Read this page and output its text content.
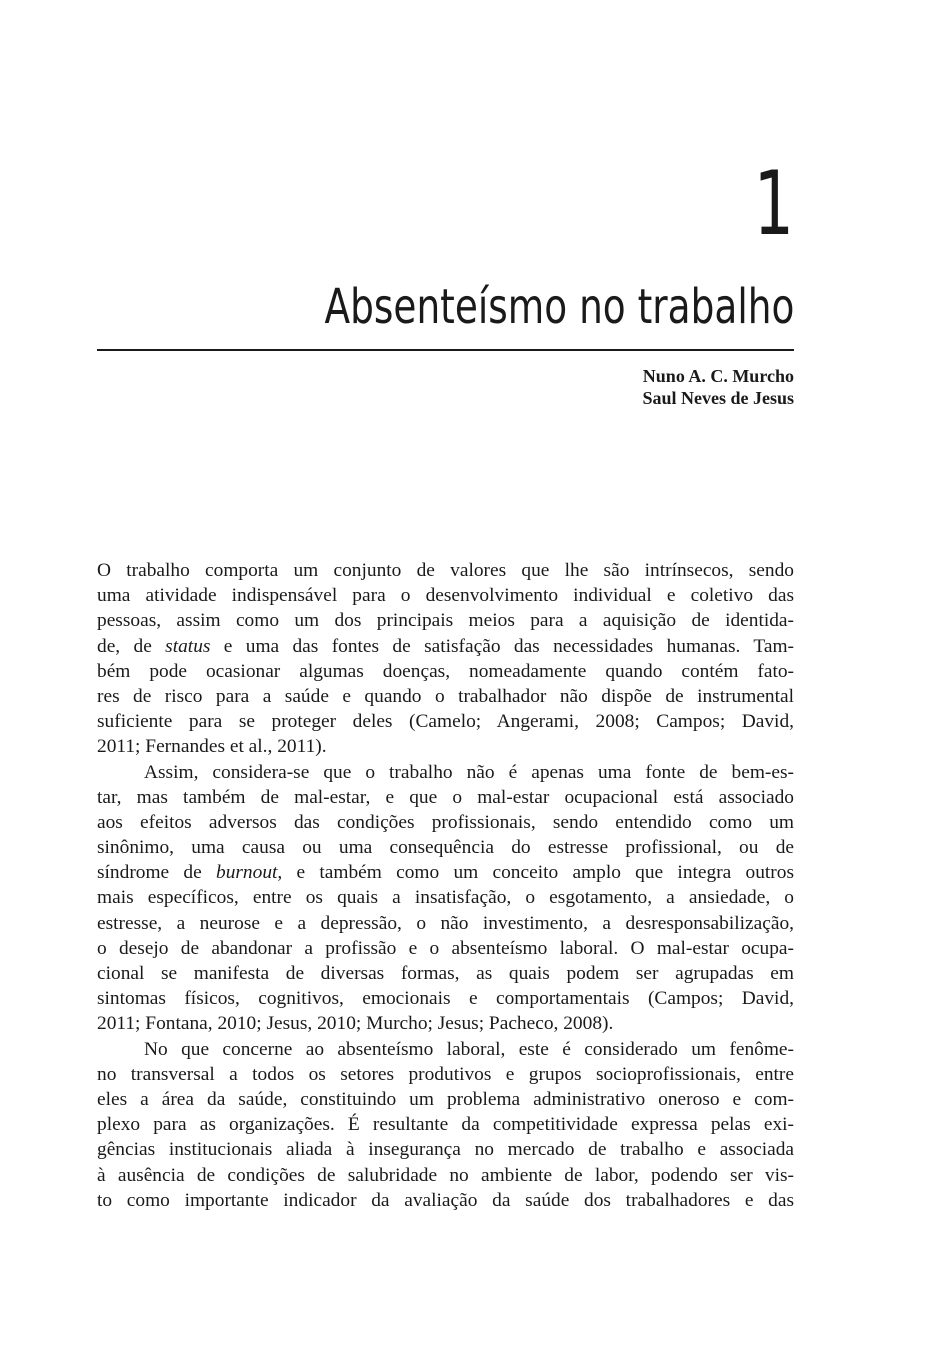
1
Absenteísmo no trabalho
Nuno A. C. Murcho
Saul Neves de Jesus
O trabalho comporta um conjunto de valores que lhe são intrínsecos, sendo
uma atividade indispensável para o desenvolvimento individual e coletivo das
pessoas, assim como um dos principais meios para a aquisição de identida-
de, de status e uma das fontes de satisfação das necessidades humanas. Tam-
bém pode ocasionar algumas doenças, nomeadamente quando contém fato-
res de risco para a saúde e quando o trabalhador não dispõe de instrumental
suficiente para se proteger deles (Camelo; Angerami, 2008; Campos; David,
2011; Fernandes et al., 2011).
Assim, considera-se que o trabalho não é apenas uma fonte de bem-es-
tar, mas também de mal-estar, e que o mal-estar ocupacional está associado
aos efeitos adversos das condições profissionais, sendo entendido como um
sinônimo, uma causa ou uma consequência do estresse profissional, ou de
síndrome de burnout, e também como um conceito amplo que integra outros
mais específicos, entre os quais a insatisfação, o esgotamento, a ansiedade, o
estresse, a neurose e a depressão, o não investimento, a desresponsabilização,
o desejo de abandonar a profissão e o absenteísmo laboral. O mal-estar ocupa-
cional se manifesta de diversas formas, as quais podem ser agrupadas em
sintomas físicos, cognitivos, emocionais e comportamentais (Campos; David,
2011; Fontana, 2010; Jesus, 2010; Murcho; Jesus; Pacheco, 2008).
No que concerne ao absenteísmo laboral, este é considerado um fenôme-
no transversal a todos os setores produtivos e grupos socioprofissionais, entre
eles a área da saúde, constituindo um problema administrativo oneroso e com-
plexo para as organizações. É resultante da competitividade expressa pelas exi-
gências institucionais aliada à insegurança no mercado de trabalho e associada
à ausência de condições de salubridade no ambiente de labor, podendo ser vis-
to como importante indicador da avaliação da saúde dos trabalhadores e das
